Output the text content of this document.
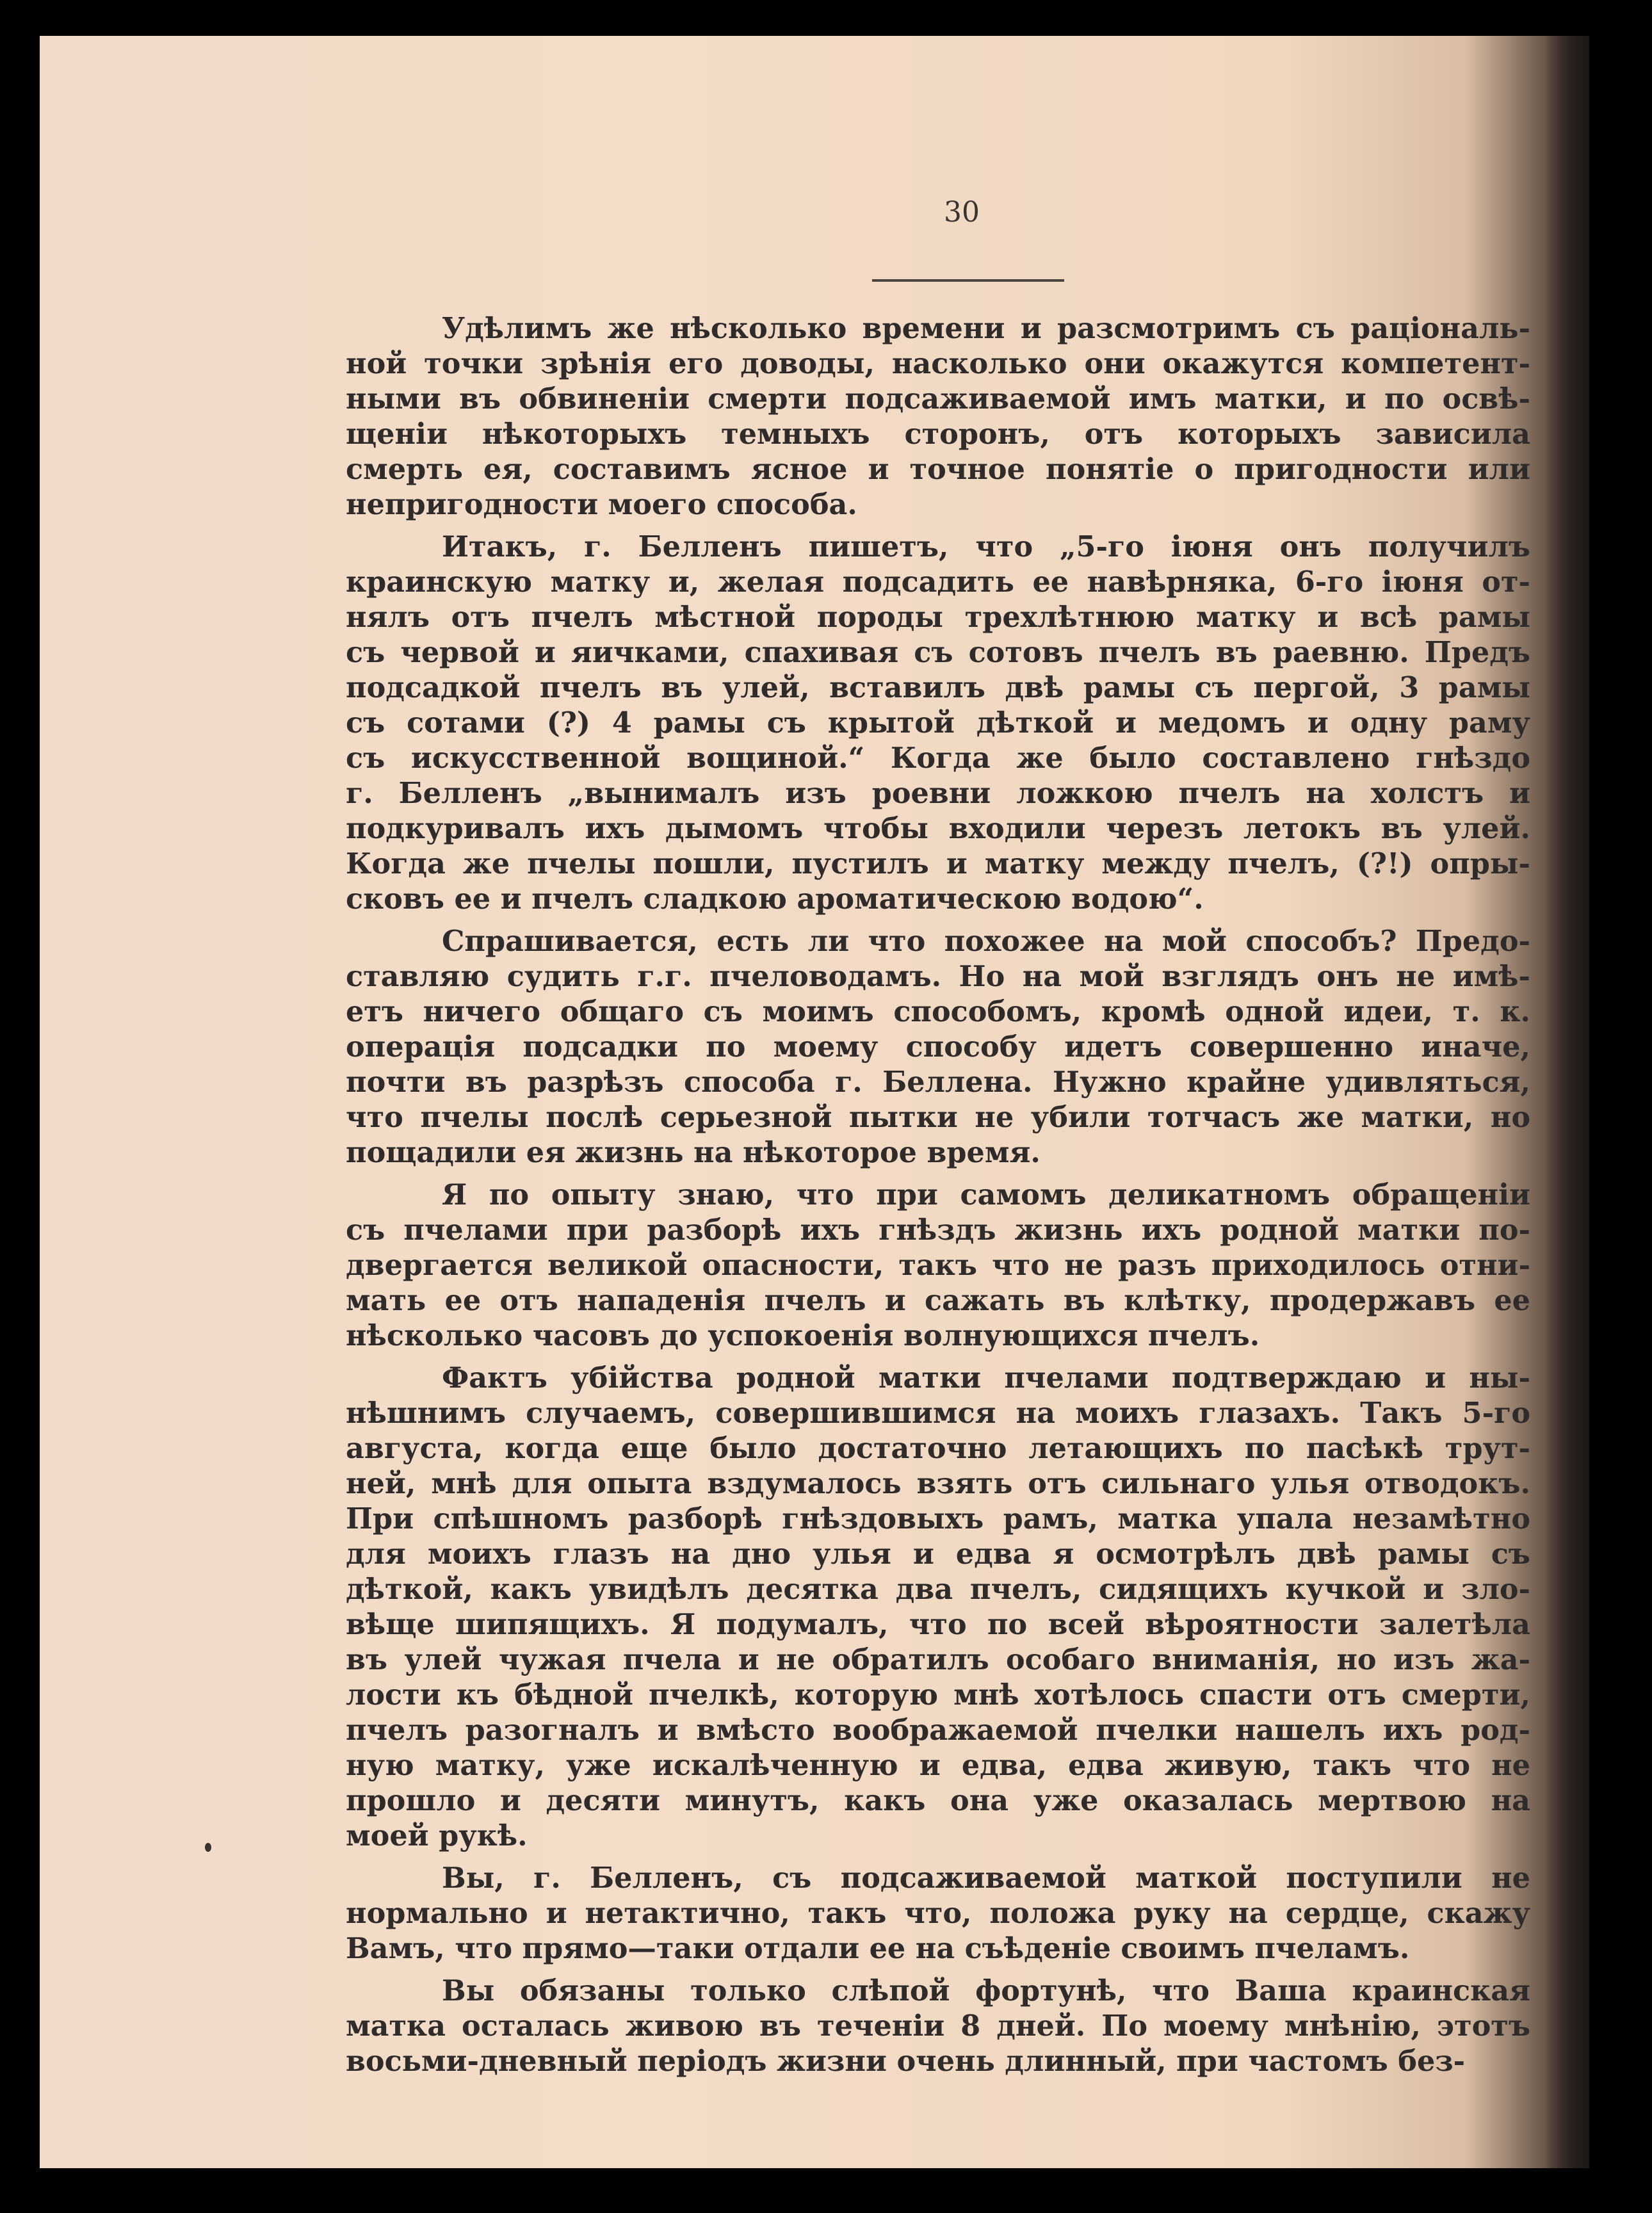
30
Удѣлимъ же нѣсколько времени и разсмотримъ съ раціональ-
ной точки зрѣнія его доводы, насколько они окажутся компетент-
ными въ обвиненіи смерти подсаживаемой имъ матки, и по освѣ-
щеніи нѣкоторыхъ темныхъ сторонъ, отъ которыхъ зависила
смерть ея, составимъ ясное и точное понятіе о пригодности или
непригодности моего способа.
Итакъ, г. Белленъ пишетъ, что „5-го іюня онъ получилъ
краинскую матку и, желая подсадить ее навѣрняка, 6-го іюня от-
нялъ отъ пчелъ мѣстной породы трехлѣтнюю матку и всѣ рамы
съ червой и яичками, спахивая съ сотовъ пчелъ въ раевню. Предъ
подсадкой пчелъ въ улей, вставилъ двѣ рамы съ пергой, 3 рамы
съ сотами (?) 4 рамы съ крытой дѣткой и медомъ и одну раму
съ искусственной вощиной.“ Когда же было составлено гнѣздо
г. Белленъ „вынималъ изъ роевни ложкою пчелъ на холстъ и
подкуривалъ ихъ дымомъ чтобы входили черезъ летокъ въ улей.
Когда же пчелы пошли, пустилъ и матку между пчелъ, (?!) опры-
сковъ ее и пчелъ сладкою ароматическою водою“.
Спрашивается, есть ли что похожее на мой способъ? Предо-
ставляю судить г.г. пчеловодамъ. Но на мой взглядъ онъ не имѣ-
етъ ничего общаго съ моимъ способомъ, кромѣ одной идеи, т. к.
операція подсадки по моему способу идетъ совершенно иначе,
почти въ разрѣзъ способа г. Беллена. Нужно крайне удивляться,
что пчелы послѣ серьезной пытки не убили тотчасъ же матки, но
пощадили ея жизнь на нѣкоторое время.
Я по опыту знаю, что при самомъ деликатномъ обращеніи
съ пчелами при разборѣ ихъ гнѣздъ жизнь ихъ родной матки по-
двергается великой опасности, такъ что не разъ приходилось отни-
мать ее отъ нападенія пчелъ и сажать въ клѣтку, продержавъ ее
нѣсколько часовъ до успокоенія волнующихся пчелъ.
Фактъ убійства родной матки пчелами подтверждаю и ны-
нѣшнимъ случаемъ, совершившимся на моихъ глазахъ. Такъ 5-го
августа, когда еще было достаточно летающихъ по пасѣкѣ трут-
ней, мнѣ для опыта вздумалось взять отъ сильнаго улья отводокъ.
При спѣшномъ разборѣ гнѣздовыхъ рамъ, матка упала незамѣтно
для моихъ глазъ на дно улья и едва я осмотрѣлъ двѣ рамы съ
дѣткой, какъ увидѣлъ десятка два пчелъ, сидящихъ кучкой и зло-
вѣще шипящихъ. Я подумалъ, что по всей вѣроятности залетѣла
въ улей чужая пчела и не обратилъ особаго вниманія, но изъ жа-
лости къ бѣдной пчелкѣ, которую мнѣ хотѣлось спасти отъ смерти,
пчелъ разогналъ и вмѣсто воображаемой пчелки нашелъ ихъ род-
ную матку, уже искалѣченную и едва, едва живую, такъ что не
прошло и десяти минутъ, какъ она уже оказалась мертвою на
моей рукѣ.
Вы, г. Белленъ, съ подсаживаемой маткой поступили не
нормально и нетактично, такъ что, положа руку на сердце, скажу
Вамъ, что прямо—таки отдали ее на съѣденіе своимъ пчеламъ.
Вы обязаны только слѣпой фортунѣ, что Ваша краинская
матка осталась живою въ теченіи 8 дней. По моему мнѣнію, этотъ
восьми-дневный періодъ жизни очень длинный, при частомъ без-
